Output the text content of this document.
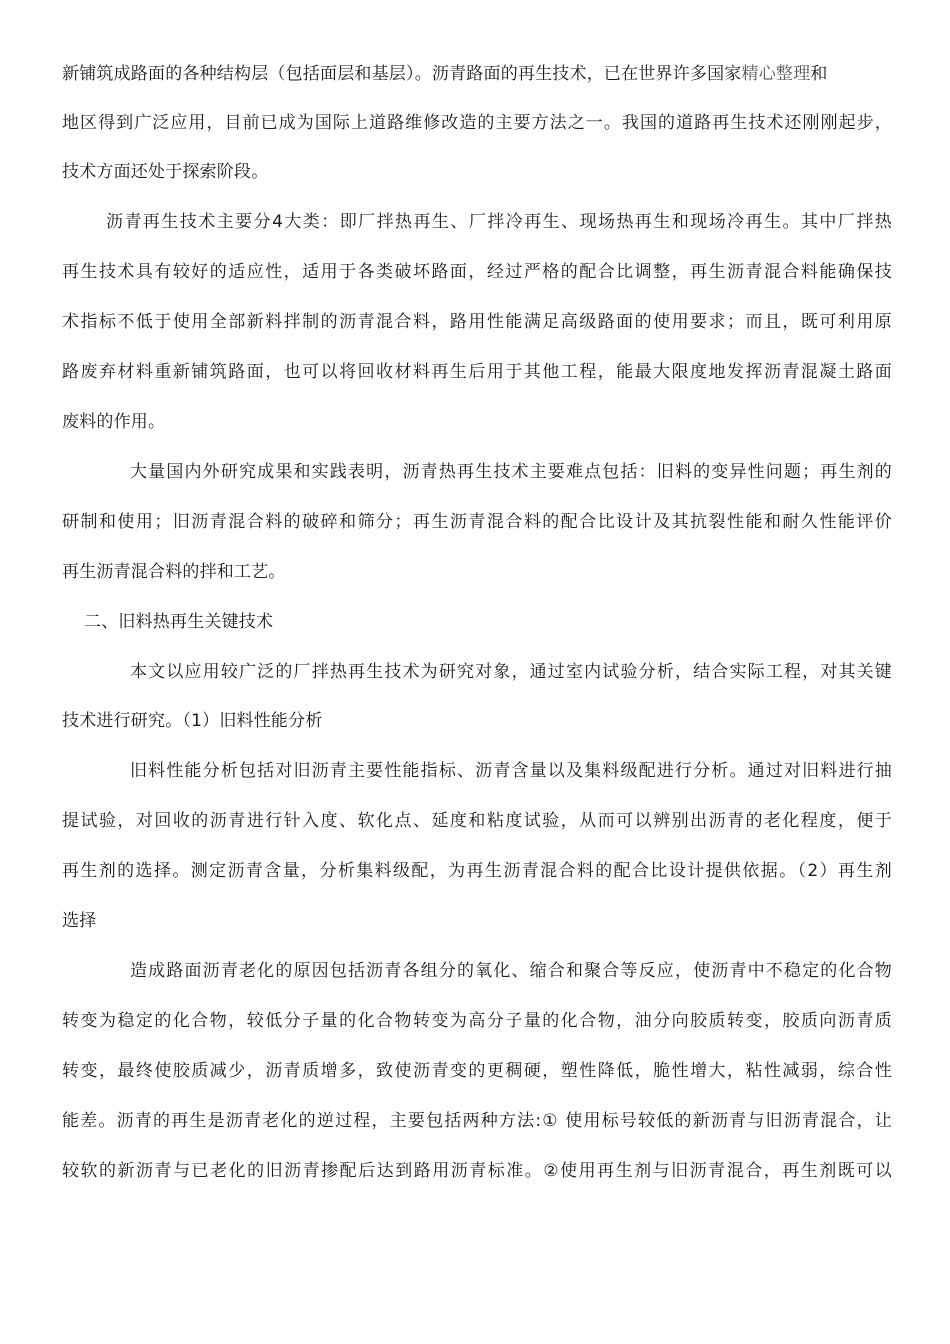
新铺筑成路面的各种结构层（包括面层和基层）。沥青路面的再生技术，已在世界许多国家精心整理和
地区得到广泛应用，目前已成为国际上道路维修改造的主要方法之一。我国的道路再生技术还刚刚起步，
技术方面还处于探索阶段。
沥青再生技术主要分4大类：即厂拌热再生、厂拌冷再生、现场热再生和现场冷再生。其中厂拌热
再生技术具有较好的适应性，适用于各类破坏路面，经过严格的配合比调整，再生沥青混合料能确保技
术指标不低于使用全部新料拌制的沥青混合料，路用性能满足高级路面的使用要求；而且，既可利用原
路废弃材料重新铺筑路面，也可以将回收材料再生后用于其他工程，能最大限度地发挥沥青混凝土路面
废料的作用。
大量国内外研究成果和实践表明，沥青热再生技术主要难点包括：旧料的变异性问题；再生剂的
研制和使用；旧沥青混合料的破碎和筛分；再生沥青混合料的配合比设计及其抗裂性能和耐久性能评价
再生沥青混合料的拌和工艺。
二、旧料热再生关键技术
本文以应用较广泛的厂拌热再生技术为研究对象，通过室内试验分析，结合实际工程，对其关键
技术进行研究。（1）旧料性能分析
旧料性能分析包括对旧沥青主要性能指标、沥青含量以及集料级配进行分析。通过对旧料进行抽
提试验，对回收的沥青进行针入度、软化点、延度和粘度试验，从而可以辨别出沥青的老化程度，便于
再生剂的选择。测定沥青含量，分析集料级配，为再生沥青混合料的配合比设计提供依据。（2）再生剂
选择
造成路面沥青老化的原因包括沥青各组分的氧化、缩合和聚合等反应，使沥青中不稳定的化合物
转变为稳定的化合物，较低分子量的化合物转变为高分子量的化合物，油分向胶质转变，胶质向沥青质
转变，最终使胶质减少，沥青质增多，致使沥青变的更稠硬，塑性降低，脆性增大，粘性减弱，综合性
能差。沥青的再生是沥青老化的逆过程，主要包括两种方法:① 使用标号较低的新沥青与旧沥青混合，让
较软的新沥青与已老化的旧沥青掺配后达到路用沥青标准。②使用再生剂与旧沥青混合，再生剂既可以
